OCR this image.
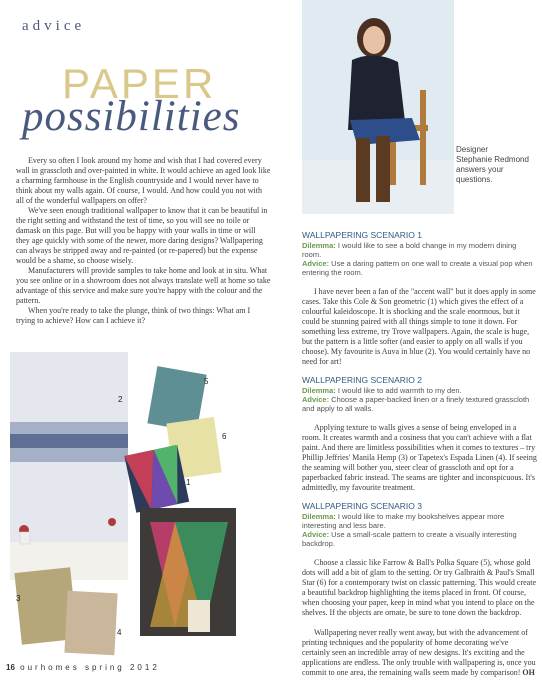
advice
PAPER
possibilities

Every so often I look around my home and wish that I had covered every wall in grasscloth and over-painted in white. It would achieve an aged look like a charming farmhouse in the English countryside and I would never have to think about my walls again. Of course, I would. And how could you not with all of the wonderful wallpapers on offer?

We've seen enough traditional wallpaper to know that it can be beautiful in the right setting and withstand the test of time, so you will see no toile or damask on this page. But will you be happy with your walls in time or will they age quickly with some of the newer, more daring designs? Wallpapering can always be stripped away and re-painted (or re-papered) but the expense would be a shame, so choose wisely.

Manufacturers will provide samples to take home and look at in situ. What you see online or in a showroom does not always translate well at home so take advantage of this service and make sure you're happy with the colour and the pattern.

When you're ready to take the plunge, think of two things: What am I trying to achieve? How can I achieve it?

Designer
Stephanie Redmond
answers your questions.
2
5
6
1
3
4
WALLPAPERING SCENARIO 1
Dilemma: I would like to see a bold change in my modern dining room.
Advice: Use a daring pattern on one wall to create a visual pop when entering the room.

I have never been a fan of the "accent wall" but it does apply in some cases. Take this Cole & Son geometric (1) which gives the effect of a colourful kaleidoscope. It is shocking and the scale enormous, but it could be stunning paired with all things simple to tone it down. For something less extreme, try Trove wallpapers. Again, the scale is huge, but the pattern is a little softer (and easier to apply on all walls if you choose). My favourite is Auva in blue (2). You would certainly have no need for art!

WALLPAPERING SCENARIO 2
Dilemma: I would like to add warmth to my den.
Advice: Choose a paper-backed linen or a finely textured grasscloth and apply to all walls.

Applying texture to walls gives a sense of being enveloped in a room. It creates warmth and a cosiness that you can't achieve with a flat paint. And there are limitless possibilities when it comes to textures – try Phillip Jeffries' Manila Hemp (3) or Tapetex's Espada Linen (4). If seeing the seaming will bother you, steer clear of grasscloth and opt for a paperbacked fabric instead. The seams are tighter and inconspicuous. It's admittedly, my favourite treatment.

WALLPAPERING SCENARIO 3
Dilemma: I would like to make my bookshelves appear more interesting and less bare.
Advice: Use a small-scale pattern to create a visually interesting backdrop.

Choose a classic like Farrow & Ball's Polka Square (5), whose gold dots will add a bit of glam to the setting. Or try Galbraith & Paul's Small Star (6) for a contemporary twist on classic patterning. This would create a beautiful backdrop highlighting the items placed in front. Of course, when choosing your paper, keep in mind what you intend to place on the shelves. If the objects are ornate, be sure to tone down the backdrop.

Wallpapering never really went away, but with the advancement of printing techniques and the popularity of home decorating we've certainly seen an incredible array of new designs. It's exciting and the applications are endless. The only trouble with wallpapering is, once you commit to one area, the remaining walls seem made by comparison! OH

16 ourhomes spring 2012
